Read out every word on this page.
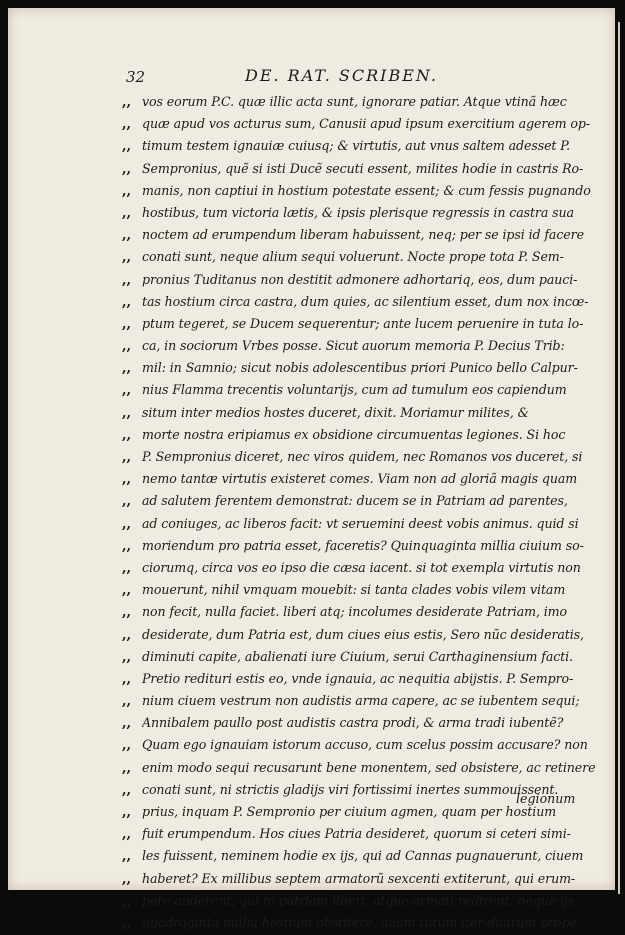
32	DE. RAT. SCRIBEN.
,, vos eorum P.C. quæ illic acta sunt, ignorare patiar. Atque vtinã hæc
,, quæ apud vos acturus sum, Canusii apud ipsum exercitium agerem op-
,, timum testem ignauiæ cuiusq; & virtutis, aut vnus saltem adesset P.
,, Sempronius, quẽ si isti Ducẽ secuti essent, milites hodie in castris Ro-
,, manis, non captiui in hostium potestate essent; & cum fessis pugnando
,, hostibus, tum victoria lætis, & ipsis plerisque regressis in castra sua
,, noctem ad erumpendum liberam habuissent, neq; per se ipsi id facere
,, conati sunt, neque alium sequi voluerunt. Nocte prope tota P. Sem-
,, pronius Tuditanus non destitit admonere adhortariq, eos, dum pauci-
,, tas hostium circa castra, dum quies, ac silentium esset, dum nox incœ-
,, ptum tegeret, se Ducem sequerentur; ante lucem peruenire in tuta lo-
,, ca, in sociorum Vrbes posse. Sicut auorum memoria P. Decius Trib:
,, mil: in Samnio; sicut nobis adolescentibus priori Punico bello Calpur-
,, nius Flamma trecentis voluntarijs, cum ad tumulum eos capiendum
,, situm inter medios hostes duceret, dixit. Moriamur milites, &
,, morte nostra eripiamus ex obsidione circumuentas legiones. Si hoc
,, P. Sempronius diceret, nec viros quidem, nec Romanos vos duceret, si
,, nemo tantæ virtutis existeret comes. Viam non ad gloriã magis quam
,, ad salutem ferentem demonstrat: ducem se in Patriam ad parentes,
,, ad coniuges, ac liberos facit: vt seruemini deest vobis animus. quid si
,, moriendum pro patria esset, faceretis? Quinquaginta millia ciuium so-
,, ciorumq, circa vos eo ipso die cæsa iacent. si tot exempla virtutis non
,, mouerunt, nihil vmquam mouebit: si tanta clades vobis vilem vitam
,, non fecit, nulla faciet. liberi atq; incolumes desiderate Patriam, imo
,, desiderate, dum Patria est, dum ciues eius estis, Sero nũc desideratis,
,, diminuti capite, abalienati iure Ciuium, serui Carthaginensium facti.
,, Pretio redituri estis eo, vnde ignauia, ac nequitia abijstis. P. Sempro-
,, nium ciuem vestrum non audistis arma capere, ac se iubentem sequi;
,, Annibalem paullo post audistis castra prodi, & arma tradi iubentẽ?
,, Quam ego ignauiam istorum accuso, cum scelus possim accusare? non
,, enim modo sequi recusarunt bene monentem, sed obsistere, ac retinere
,, conati sunt, ni strictis gladijs viri fortissimi inertes summouissent.
,, prius, inquam P. Sempronio per ciuium agmen, quam per hostium
,, fuit erumpendum. Hos ciues Patria desideret, quorum si ceteri simi-
,, les fuissent, neminem hodie ex ijs, qui ad Cannas pugnauerunt, ciuem
,, haberet? Ex millibus septem armatorũ sexcenti extiterunt, qui erum-
,, pere auderent, qui in patriam liberi, atque armati redirent: neque ijs
,, quadraginta millia hostium obstitere. quam tutum iter duarum prope
legionum
